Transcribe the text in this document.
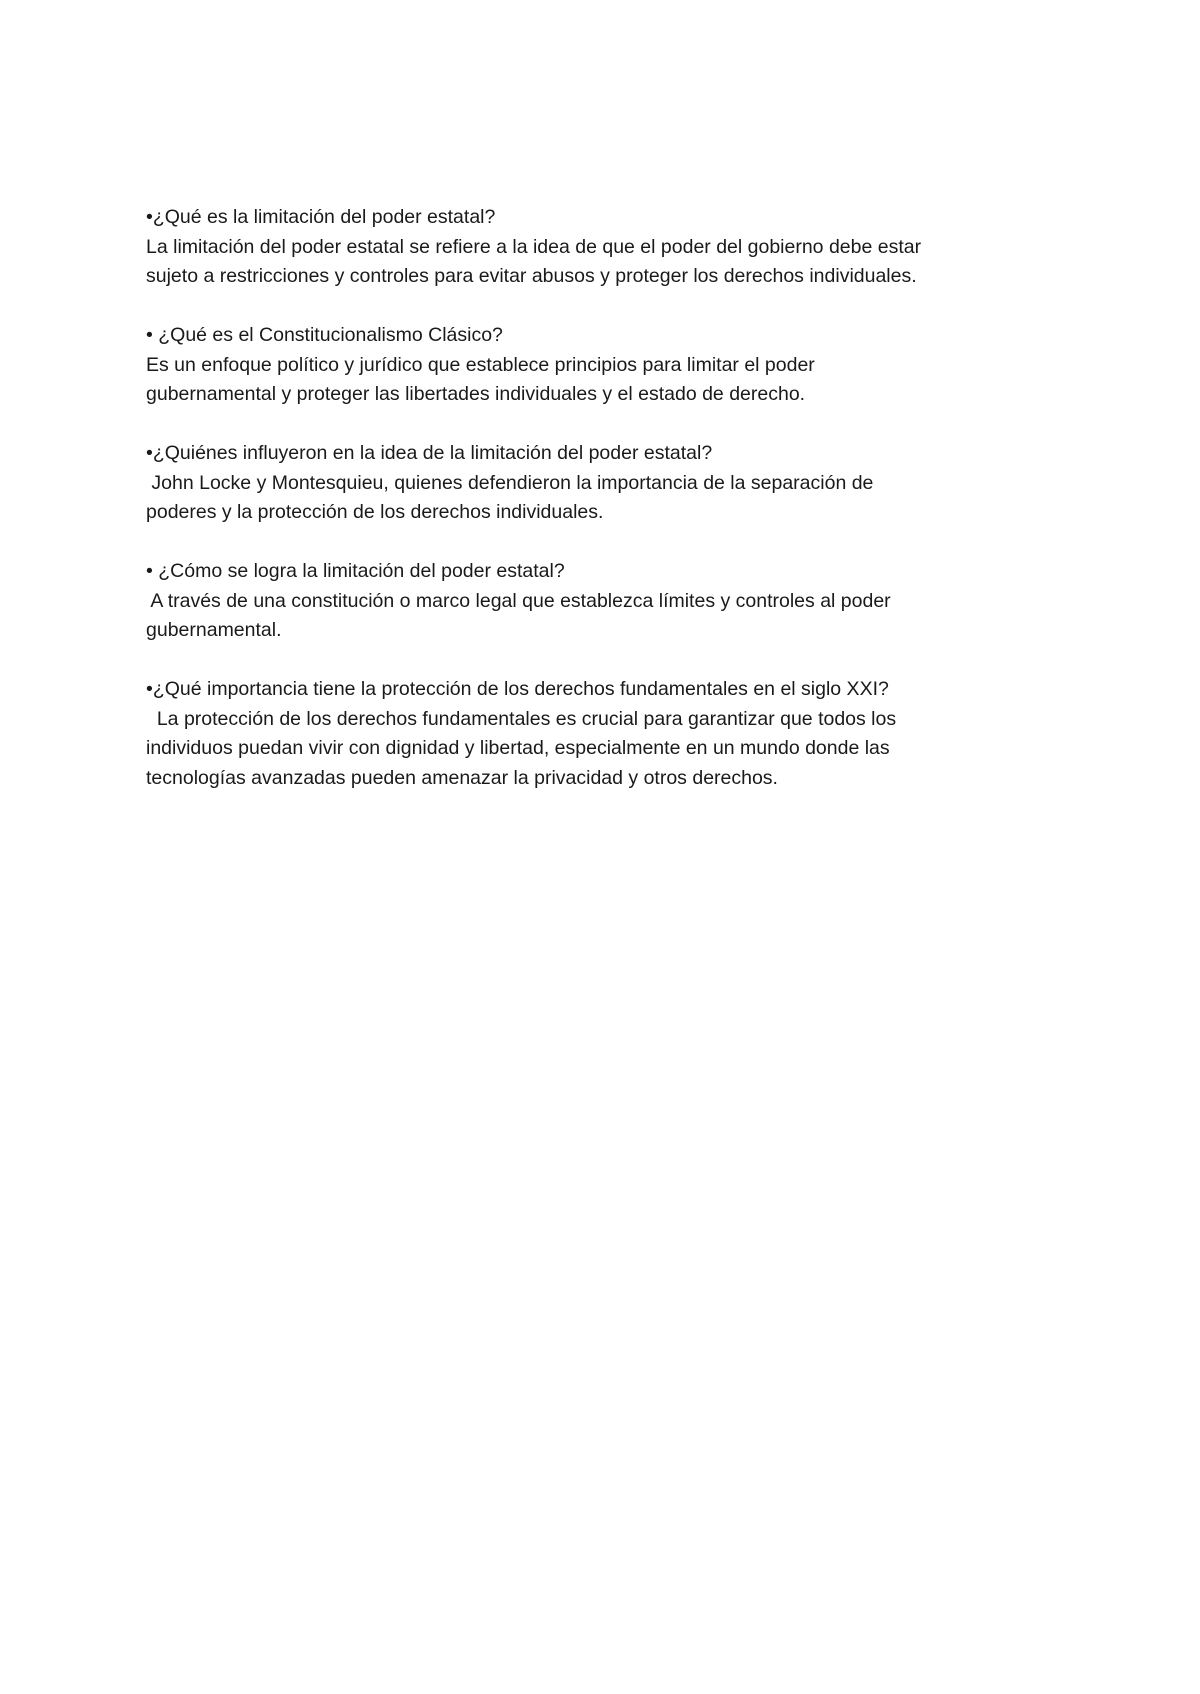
•¿Qué es la limitación del poder estatal?
La limitación del poder estatal se refiere a la idea de que el poder del gobierno debe estar
sujeto a restricciones y controles para evitar abusos y proteger los derechos individuales.
• ¿Qué es el Constitucionalismo Clásico?
Es un enfoque político y jurídico que establece principios para limitar el poder
gubernamental y proteger las libertades individuales y el estado de derecho.
•¿Quiénes influyeron en la idea de la limitación del poder estatal?
John Locke y Montesquieu, quienes defendieron la importancia de la separación de
poderes y la protección de los derechos individuales.
• ¿Cómo se logra la limitación del poder estatal?
A través de una constitución o marco legal que establezca límites y controles al poder
gubernamental.
•¿Qué importancia tiene la protección de los derechos fundamentales en el siglo XXI?
La protección de los derechos fundamentales es crucial para garantizar que todos los
individuos puedan vivir con dignidad y libertad, especialmente en un mundo donde las
tecnologías avanzadas pueden amenazar la privacidad y otros derechos.
